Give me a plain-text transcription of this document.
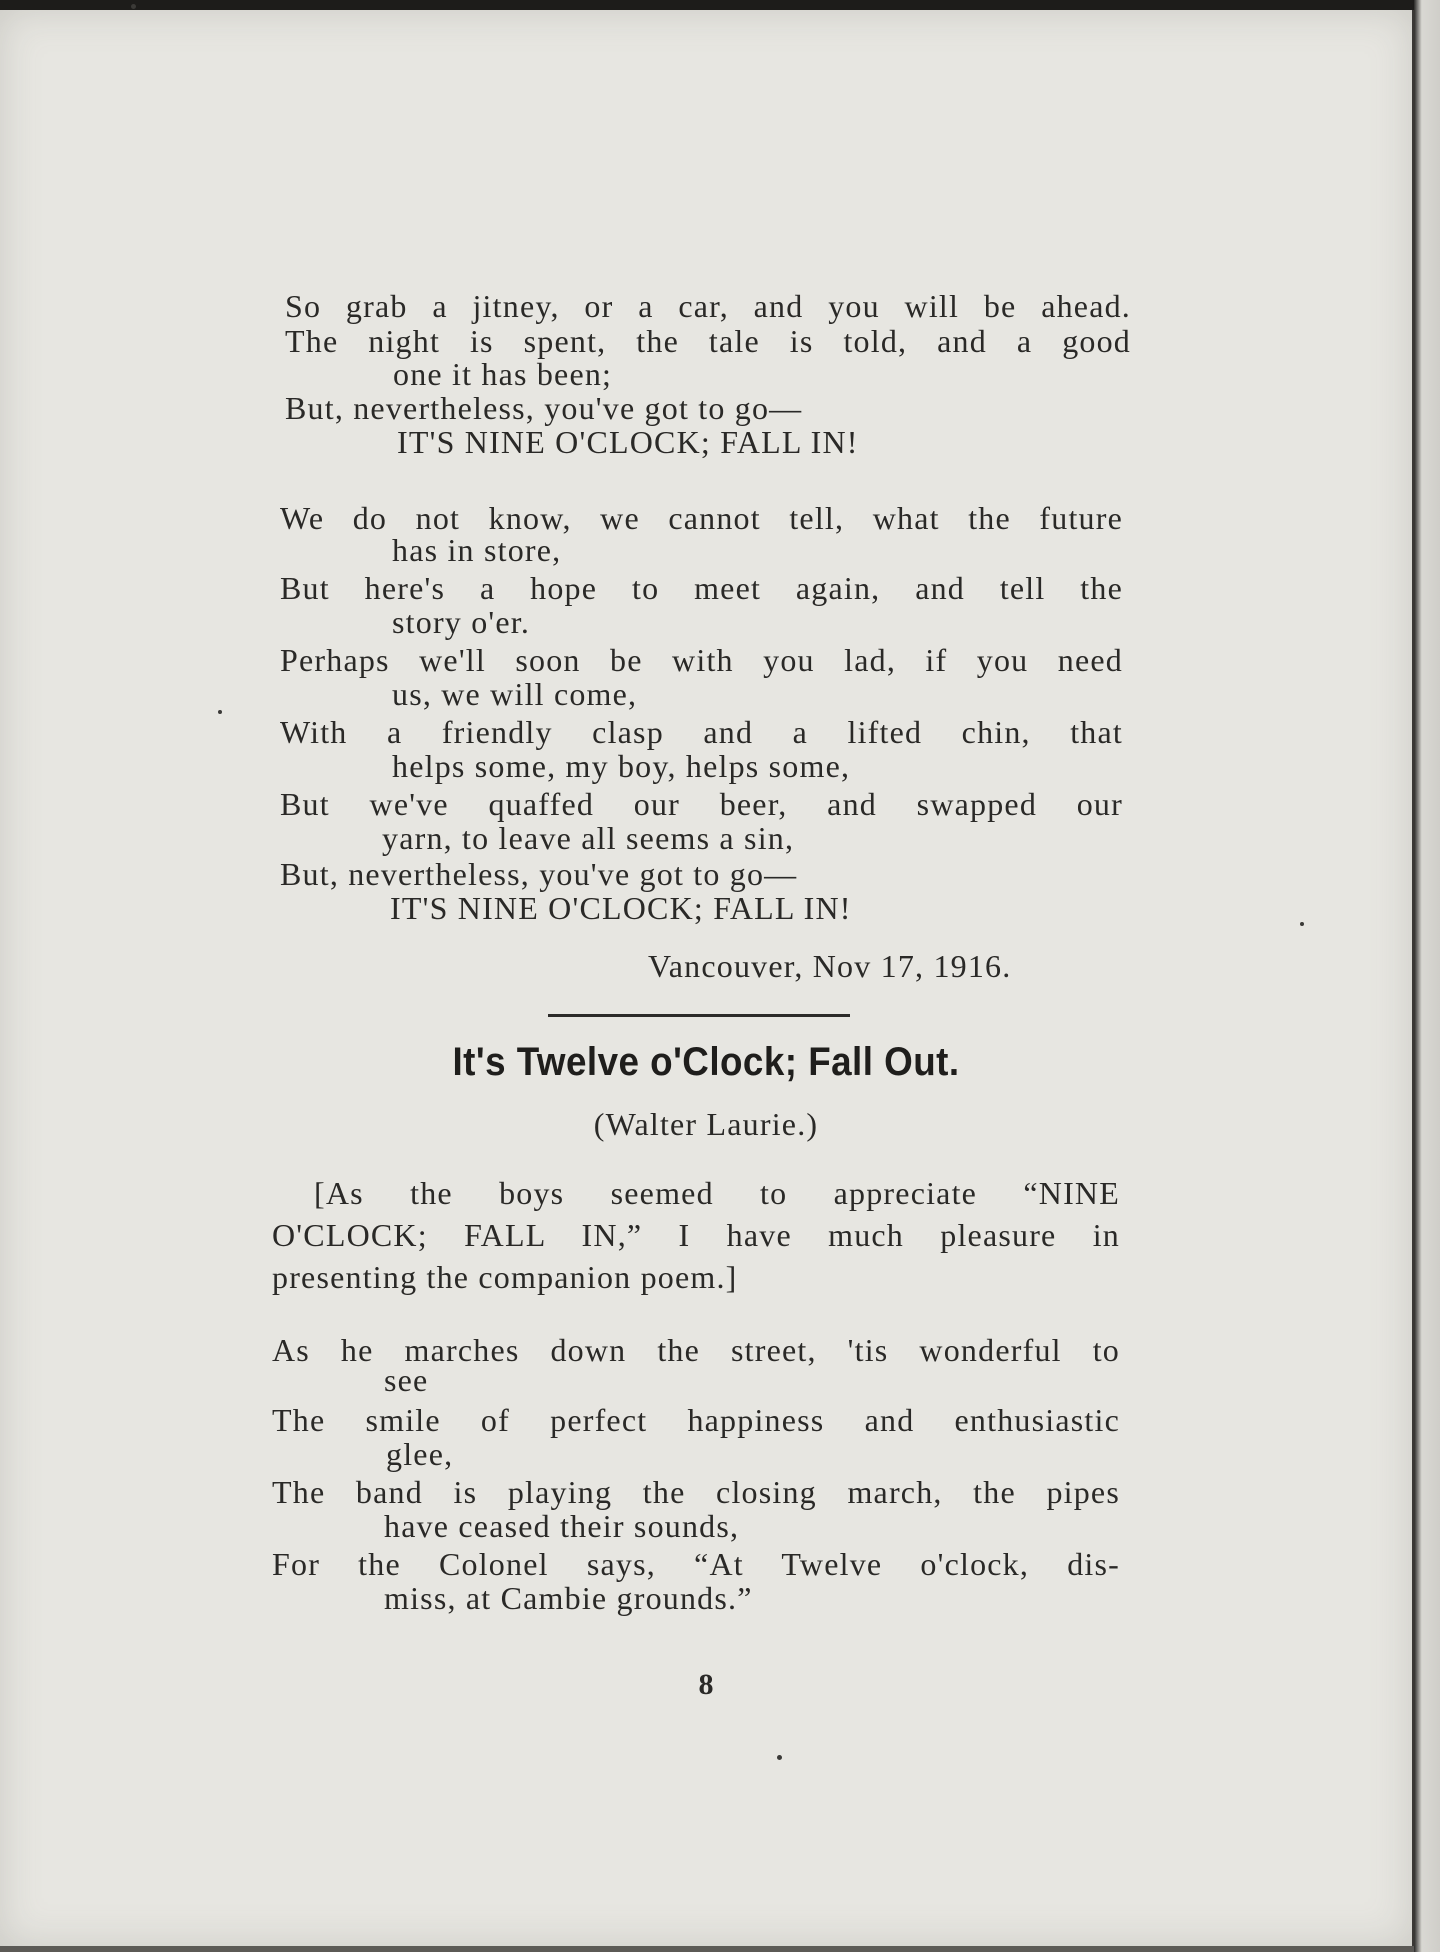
So grab a jitney, or a car, and you will be ahead.
The night is spent, the tale is told, and a good
one it has been;
But, nevertheless, you've got to go—
IT'S NINE O'CLOCK; FALL IN!
We do not know, we cannot tell, what the future
has in store,
But here's a hope to meet again, and tell the
story o'er.
Perhaps we'll soon be with you lad, if you need
us, we will come,
With a friendly clasp and a lifted chin, that
helps some, my boy, helps some,
But we've quaffed our beer, and swapped our
yarn, to leave all seems a sin,
But, nevertheless, you've got to go—
IT'S NINE O'CLOCK; FALL IN!
Vancouver, Nov 17, 1916.
It's Twelve o'Clock; Fall Out.
(Walter Laurie.)
[As the boys seemed to appreciate “NINE
O'CLOCK; FALL IN,” I have much pleasure in
presenting the companion poem.]
As he marches down the street, 'tis wonderful to
see
The smile of perfect happiness and enthusiastic
glee,
The band is playing the closing march, the pipes
have ceased their sounds,
For the Colonel says, “At Twelve o'clock, dis-
miss, at Cambie grounds.”
8
